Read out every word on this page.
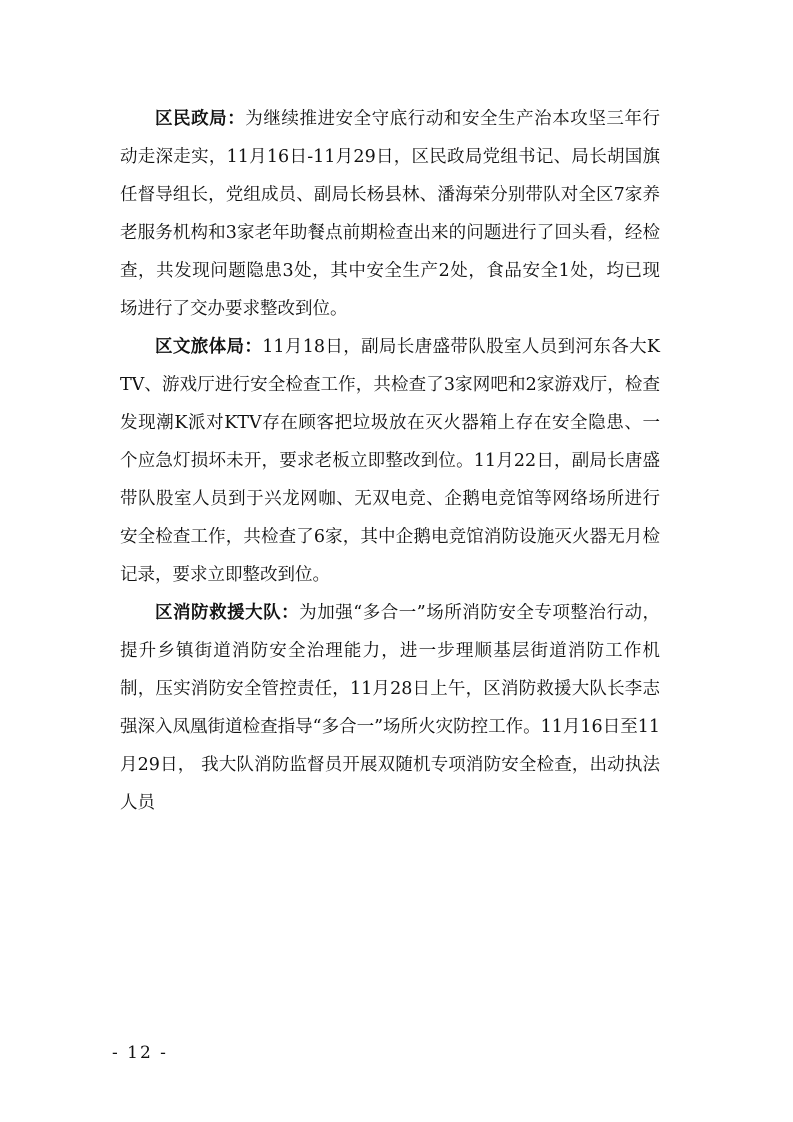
区民政局：为继续推进安全守底行动和安全生产治本攻坚三年行动走深走实，11月16日-11月29日，区民政局党组书记、局长胡国旗任督导组长，党组成员、副局长杨县林、潘海荣分别带队对全区7家养老服务机构和3家老年助餐点前期检查出来的问题进行了回头看，经检查，共发现问题隐患3处，其中安全生产2处，食品安全1处，均已现场进行了交办要求整改到位。

区文旅体局：11月18日，副局长唐盛带队股室人员到河东各大KTV、游戏厅进行安全检查工作，共检查了3家网吧和2家游戏厅，检查发现潮K派对KTV存在顾客把垃圾放在灭火器箱上存在安全隐患、一个应急灯损坏未开，要求老板立即整改到位。11月22日，副局长唐盛带队股室人员到于兴龙网咖、无双电竞、企鹅电竞馆等网络场所进行安全检查工作，共检查了6家，其中企鹅电竞馆消防设施灭火器无月检记录，要求立即整改到位。

区消防救援大队：为加强“多合一”场所消防安全专项整治行动，提升乡镇街道消防安全治理能力，进一步理顺基层街道消防工作机制，压实消防安全管控责任，11月28日上午，区消防救援大队长李志强深入凤凰街道检查指导“多合一”场所火灾防控工作。11月16日至11月29日， 我大队消防监督员开展双随机专项消防安全检查，出动执法人员

- 12 -
